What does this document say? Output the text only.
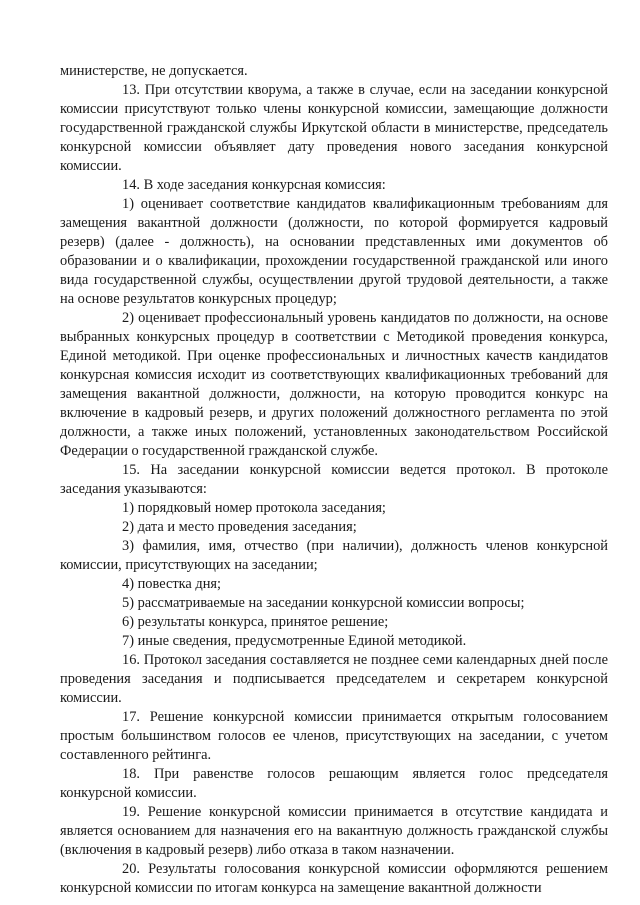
министерстве, не допускается.

13. При отсутствии кворума, а также в случае, если на заседании конкурсной комиссии присутствуют только члены конкурсной комиссии, замещающие должности государственной гражданской службы Иркутской области в министерстве, председатель конкурсной комиссии объявляет дату проведения нового заседания конкурсной комиссии.

14. В ходе заседания конкурсная комиссия:

1) оценивает соответствие кандидатов квалификационным требованиям для замещения вакантной должности (должности, по которой формируется кадровый резерв) (далее - должность), на основании представленных ими документов об образовании и о квалификации, прохождении государственной гражданской или иного вида государственной службы, осуществлении другой трудовой деятельности, а также на основе результатов конкурсных процедур;

2) оценивает профессиональный уровень кандидатов по должности, на основе выбранных конкурсных процедур в соответствии с Методикой проведения конкурса, Единой методикой. При оценке профессиональных и личностных качеств кандидатов конкурсная комиссия исходит из соответствующих квалификационных требований для замещения вакантной должности, должности, на которую проводится конкурс на включение в кадровый резерв, и других положений должностного регламента по этой должности, а также иных положений, установленных законодательством Российской Федерации о государственной гражданской службе.

15. На заседании конкурсной комиссии ведется протокол. В протоколе заседания указываются:

1) порядковый номер протокола заседания;

2) дата и место проведения заседания;

3) фамилия, имя, отчество (при наличии), должность членов конкурсной комиссии, присутствующих на заседании;

4) повестка дня;

5) рассматриваемые на заседании конкурсной комиссии вопросы;

6) результаты конкурса, принятое решение;

7) иные сведения, предусмотренные Единой методикой.

16. Протокол заседания составляется не позднее семи календарных дней после проведения заседания и подписывается председателем и секретарем конкурсной комиссии.

17. Решение конкурсной комиссии принимается открытым голосованием простым большинством голосов ее членов, присутствующих на заседании, с учетом составленного рейтинга.

18. При равенстве голосов решающим является голос председателя конкурсной комиссии.

19. Решение конкурсной комиссии принимается в отсутствие кандидата и является основанием для назначения его на вакантную должность гражданской службы (включения в кадровый резерв) либо отказа в таком назначении.

20. Результаты голосования конкурсной комиссии оформляются решением конкурсной комиссии по итогам конкурса на замещение вакантной должности
